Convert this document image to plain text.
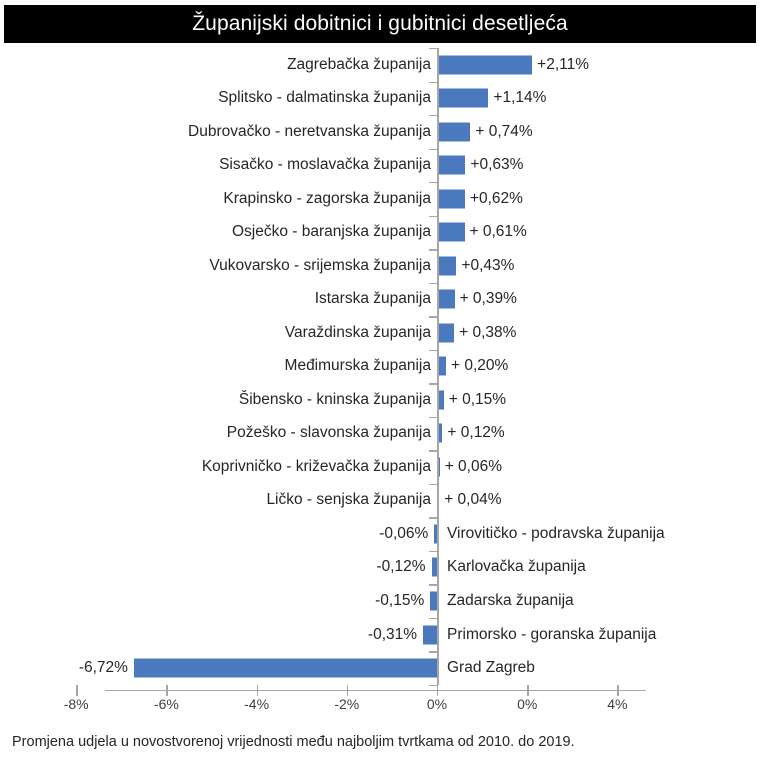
Županijski dobitnici i gubitnici desetljeća
Zagrebačka županija	+2,11%
Splitsko - dalmatinska županija	+1,14%
Dubrovačko - neretvanska županija	+ 0,74%
Sisačko - moslavačka županija	+0,63%
Krapinsko - zagorska županija	+0,62%
Osječko - baranjska županija + 0,61%
Vukovarsko - srijemska županija +0,43%
Istarska županija + 0,39%
Varaždinska županija + 0,38%
Međimurska županija + 0,20%
Šibensko - kninska županija + 0,15%
Požeško - slavonska županija + 0,12%
Koprivničko - križevačka županija + 0,06%
Ličko - senjska županija + 0,04%
Virovitičko - podravska županija
-0,06%
Karlovačka županija
-0,12%
Zadarska županija
-0,15%
Primorsko - goranska županija
-0,31%
Grad Zagreb
-6,72%
-8%	-6%	-4%	-2%	0%	0%	4%
Promjena udjela u novostvorenoj vrijednosti među najboljim tvrtkama od 2010. do 2019.
